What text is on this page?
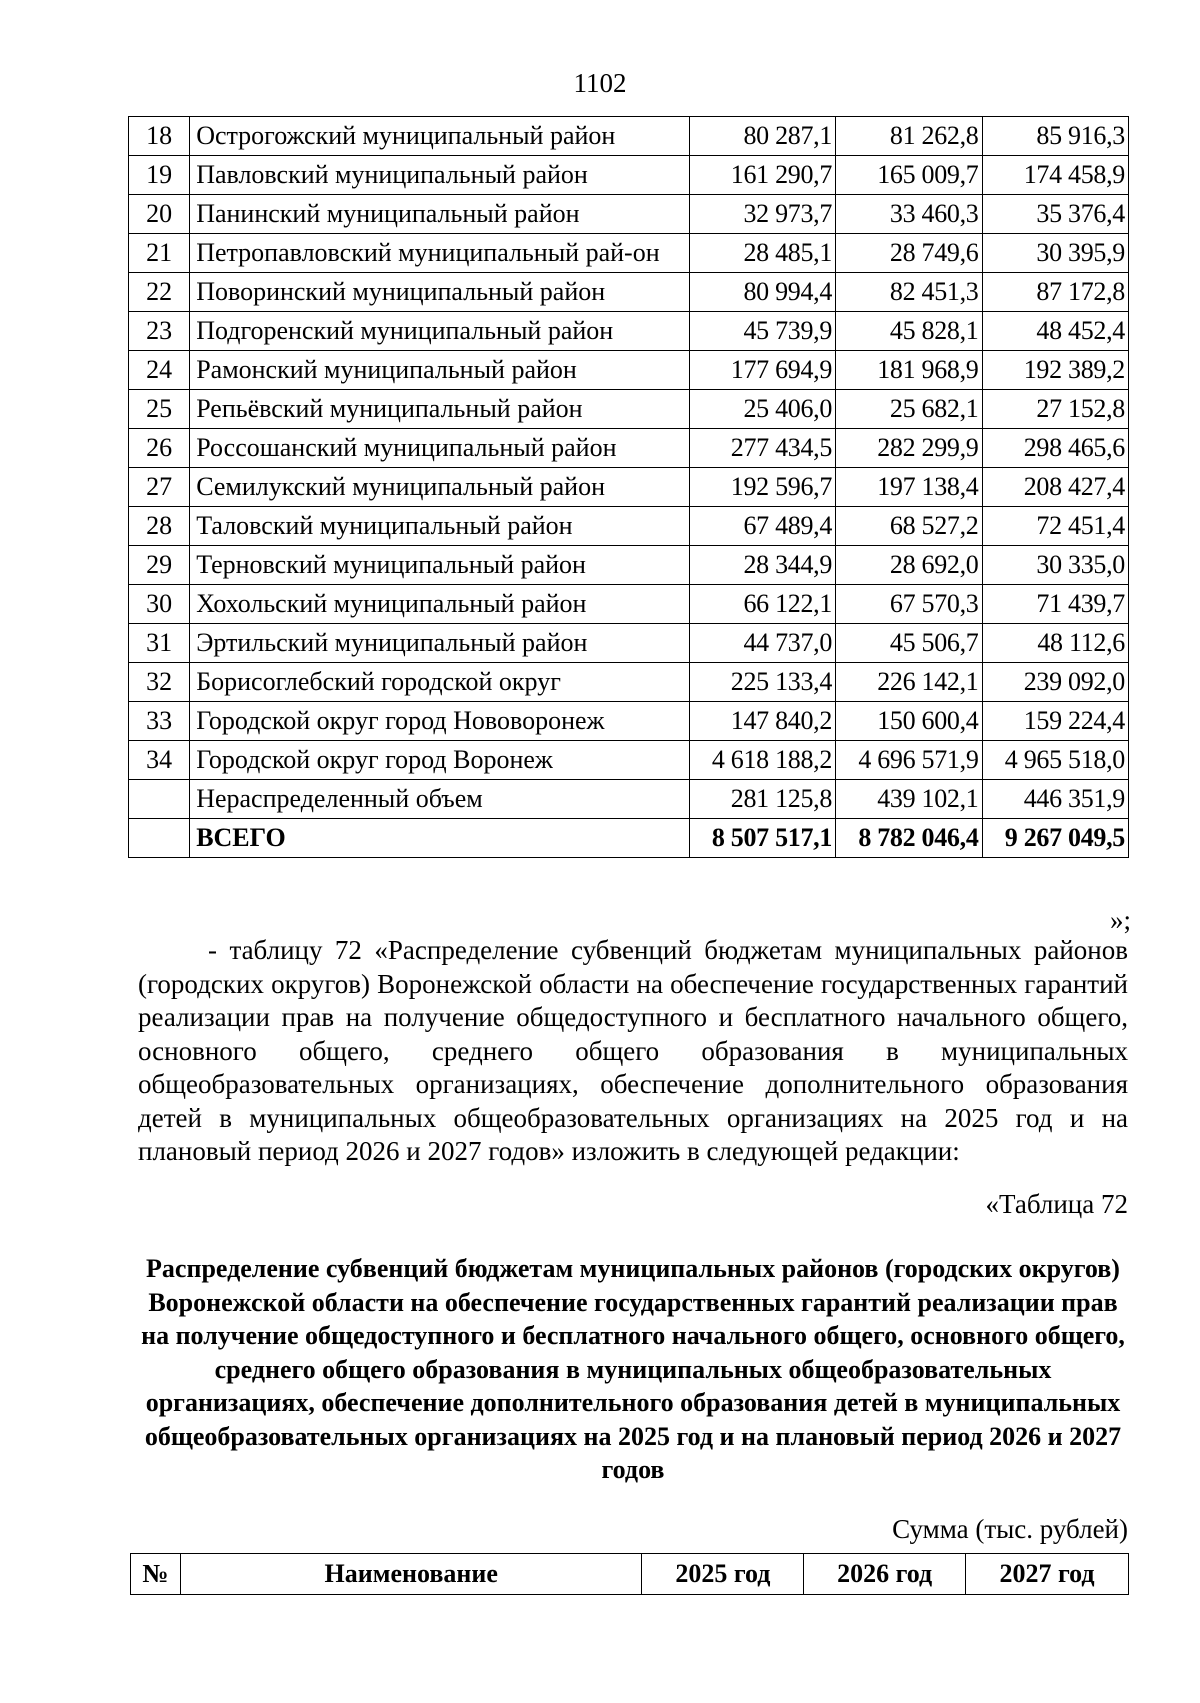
1102
18	Острогожский муниципальный район	80 287,1	81 262,8	85 916,3
19	Павловский муниципальный район	161 290,7	165 009,7	174 458,9
20	Панинский муниципальный район	32 973,7	33 460,3	35 376,4
21	Петропавловский муниципальный рай-он	28 485,1	28 749,6	30 395,9
22	Поворинский муниципальный район	80 994,4	82 451,3	87 172,8
23	Подгоренский муниципальный район	45 739,9	45 828,1	48 452,4
24	Рамонский муниципальный район	177 694,9	181 968,9	192 389,2
25	Репьёвский муниципальный район	25 406,0	25 682,1	27 152,8
26	Россошанский муниципальный район	277 434,5	282 299,9	298 465,6
27	Семилукский муниципальный район	192 596,7	197 138,4	208 427,4
28	Таловский муниципальный район	67 489,4	68 527,2	72 451,4
29	Терновский муниципальный район	28 344,9	28 692,0	30 335,0
30	Хохольский муниципальный район	66 122,1	67 570,3	71 439,7
31	Эртильский муниципальный район	44 737,0	45 506,7	48 112,6
32	Борисоглебский городской округ	225 133,4	226 142,1	239 092,0
33	Городской округ город Нововоронеж	147 840,2	150 600,4	159 224,4
34	Городской округ город Воронеж	4 618 188,2	4 696 571,9	4 965 518,0
	Нераспределенный объем	281 125,8	439 102,1	446 351,9
	ВСЕГО	8 507 517,1	8 782 046,4	9 267 049,5
»;
- таблицу 72 «Распределение субвенций бюджетам муниципальных районов (городских округов) Воронежской области на обеспечение государственных гарантий реализации прав на получение общедоступного и бесплатного начального общего, основного общего, среднего общего образования в муниципальных общеобразовательных организациях, обеспечение дополнительного образования детей в муниципальных общеобразовательных организациях на 2025 год и на плановый период 2026 и 2027 годов» изложить в следующей редакции:
«Таблица 72
Распределение субвенций бюджетам муниципальных районов (городских округов) Воронежской области на обеспечение государственных гарантий реализации прав на получение общедоступного и бесплатного начального общего, основного общего, среднего общего образования в муниципальных общеобразовательных организациях, обеспечение дополнительного образования детей в муниципальных общеобразовательных организациях на 2025 год и на плановый период 2026 и 2027 годов
Сумма (тыс. рублей)
№	Наименование	2025 год	2026 год	2027 год
